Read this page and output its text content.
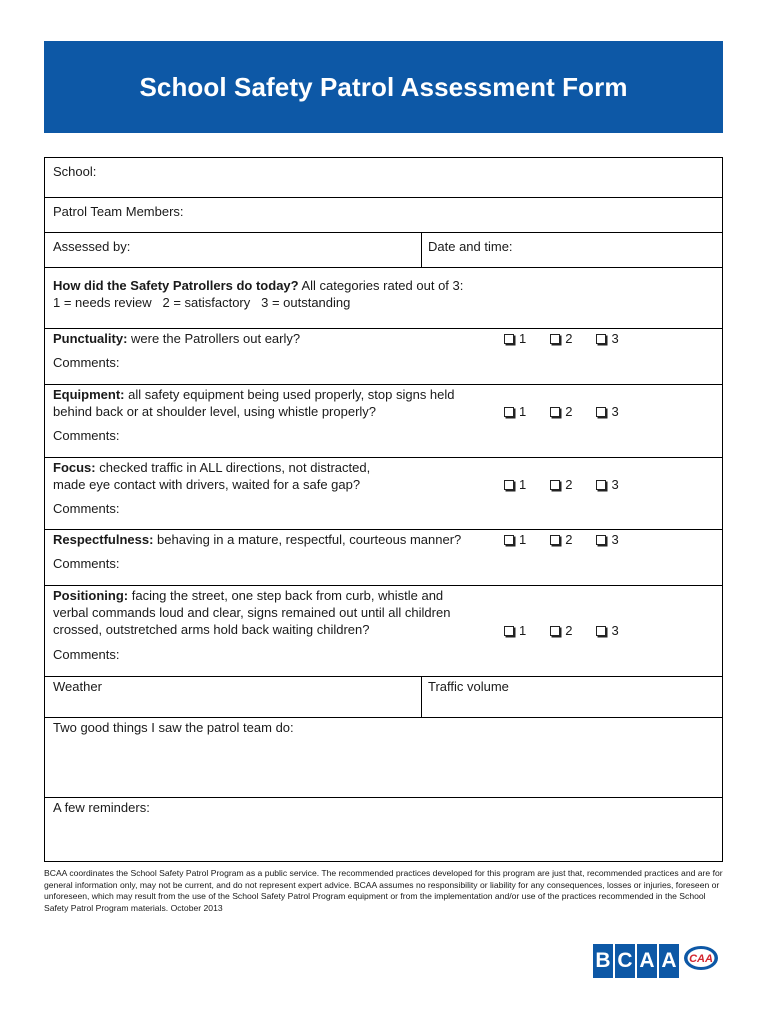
School Safety Patrol Assessment Form
School:
Patrol Team Members:
Assessed by:	Date and time:
How did the Safety Patrollers do today? All categories rated out of 3:
1 = needs review   2 = satisfactory   3 = outstanding
Punctuality: were the Patrollers out early?	1	2	3
Comments:
Equipment: all safety equipment being used properly, stop signs held
behind back or at shoulder level, using whistle properly?	1	2	3
Comments:
Focus: checked traffic in ALL directions, not distracted,
made eye contact with drivers, waited for a safe gap?	1	2	3
Comments:
Respectfulness: behaving in a mature, respectful, courteous manner?	1	2	3
Comments:
Positioning: facing the street, one step back from curb, whistle and
verbal commands loud and clear, signs remained out until all children
crossed, outstretched arms hold back waiting children?	1	2	3
Comments:
Weather	Traffic volume
Two good things I saw the patrol team do:
A few reminders:
BCAA coordinates the School Safety Patrol Program as a public service. The recommended practices developed for this program are just that, recommended practices and are for general information only, may not be current, and do not represent expert advice. BCAA assumes no responsibility or liability for any consequences, losses or injuries, foreseen or unforeseen, which may result from the use of the School Safety Patrol Program equipment or from the implementation and/or use of the practices recommended in the School Safety Patrol Program materials. October 2013
B C A A CAA
